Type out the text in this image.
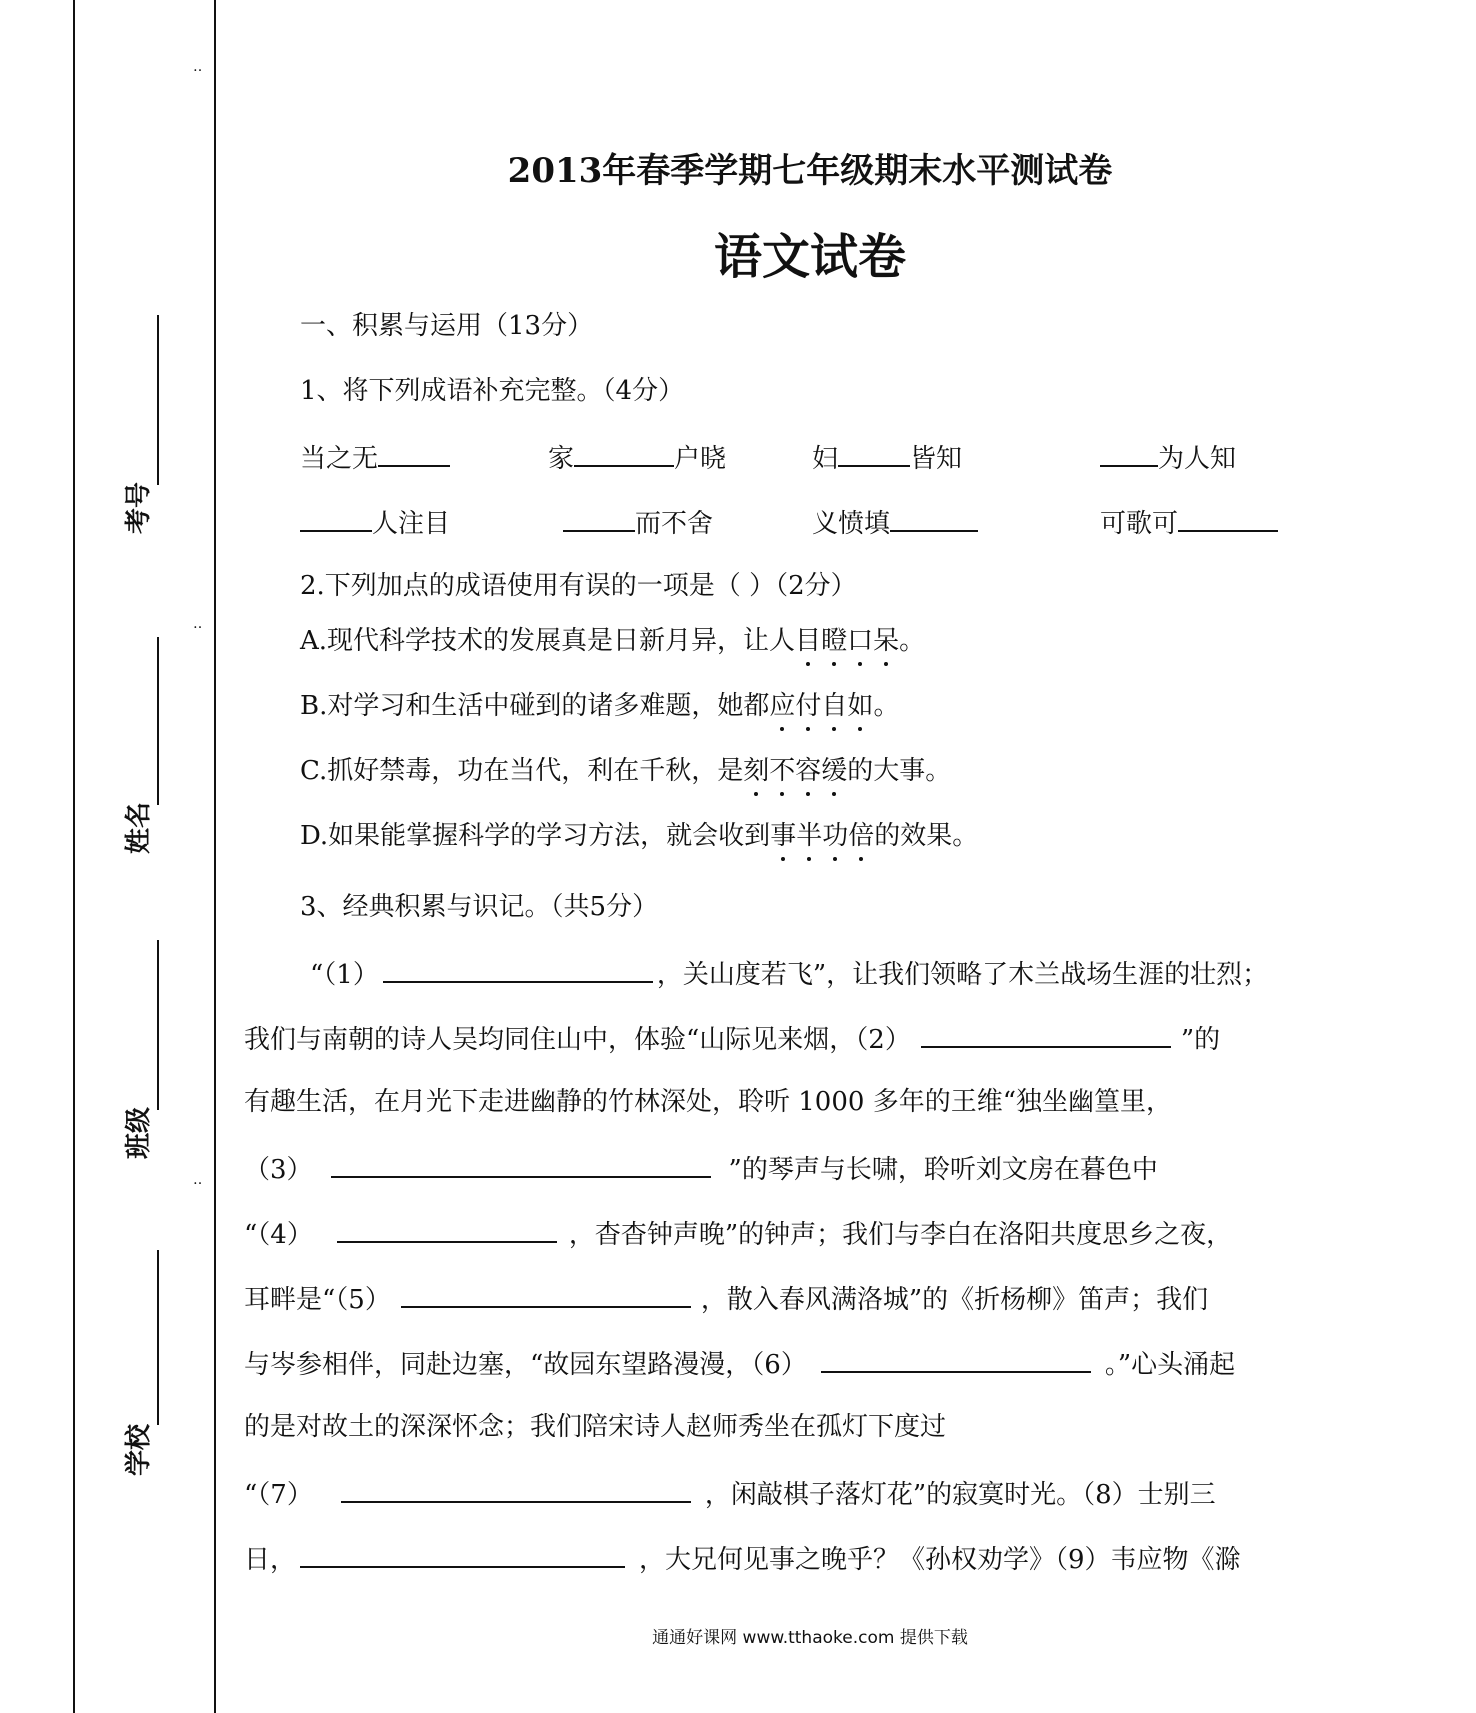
考号
姓名
班级
学校
‥
‥
‥
2013年春季学期七年级期末水平测试卷
语文试卷
一、积累与运用（13分）
1、将下列成语补充完整。（4分）
当之无	家	户晓	妇	皆知	为人知
人注目	而不舍	义愤填	可歌可
2.下列加点的成语使用有误的一项是（ ）（2分）
A.现代科学技术的发展真是日新月异，让人目瞪口呆。
B.对学习和生活中碰到的诸多难题，她都应付自如。
C.抓好禁毒，功在当代，利在千秋，是刻不容缓的大事。
D.如果能掌握科学的学习方法，就会收到事半功倍的效果。
3、经典积累与识记。（共5分）
“（1）	，关山度若飞”，让我们领略了木兰战场生涯的壮烈；
我们与南朝的诗人吴均同住山中，体验“山际见来烟，（2）	”的
有趣生活，在月光下走进幽静的竹林深处，聆听 1000 多年的王维“独坐幽篁里，
（3）	”的琴声与长啸，聆听刘文房在暮色中
“（4）	，杳杳钟声晚”的钟声；我们与李白在洛阳共度思乡之夜，
耳畔是“（5）	，散入春风满洛城”的《折杨柳》笛声；我们
与岑参相伴，同赴边塞，“故园东望路漫漫，（6）	。”心头涌起
的是对故土的深深怀念；我们陪宋诗人赵师秀坐在孤灯下度过
“（7）	，闲敲棋子落灯花”的寂寞时光。（8）士别三
日，	，大兄何见事之晚乎？《孙权劝学》（9）韦应物《滁
通通好课网 www.tthaoke.com 提供下载
